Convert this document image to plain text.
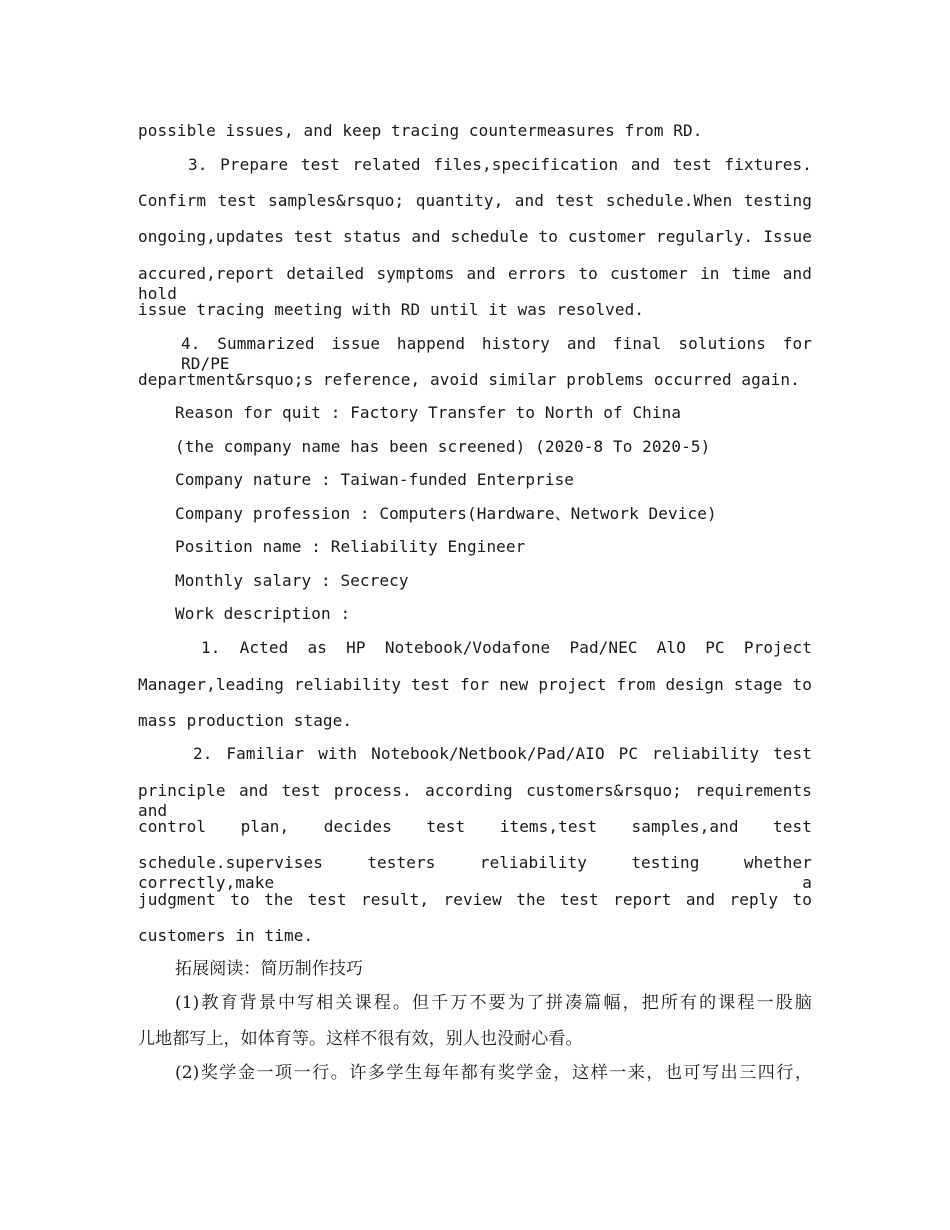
possible issues, and keep tracing countermeasures from RD.
3. Prepare test related files,specification and test fixtures.
Confirm test samples&rsquo; quantity, and test schedule.When testing
ongoing,updates test status and schedule to customer regularly. Issue
accured,report detailed symptoms and errors to customer in time and hold
issue tracing meeting with RD until it was resolved.
4. Summarized issue happend history and final solutions for RD/PE
department&rsquo;s reference, avoid similar problems occurred again.
Reason for quit : Factory Transfer to North of China
(the company name has been screened) (2020-8 To 2020-5)
Company nature : Taiwan-funded Enterprise
Company profession : Computers(Hardware、Network Device)
Position name : Reliability Engineer
Monthly salary : Secrecy
Work description :
1. Acted as HP Notebook/Vodafone Pad/NEC AlO PC Project
Manager,leading reliability test for new project from design stage to
mass production stage.
2. Familiar with Notebook/Netbook/Pad/AIO PC reliability test
principle and test process. according customers&rsquo; requirements and
control plan, decides test items,test samples,and test
schedule.supervises testers reliability testing whether correctly,make a
judgment to the test result, review the test report and reply to
customers in time.
拓展阅读：简历制作技巧
(1)教育背景中写相关课程。但千万不要为了拼凑篇幅，把所有的课程一股脑
儿地都写上，如体育等。这样不很有效，别人也没耐心看。
(2)奖学金一项一行。许多学生每年都有奖学金，这样一来，也可写出三四行，
